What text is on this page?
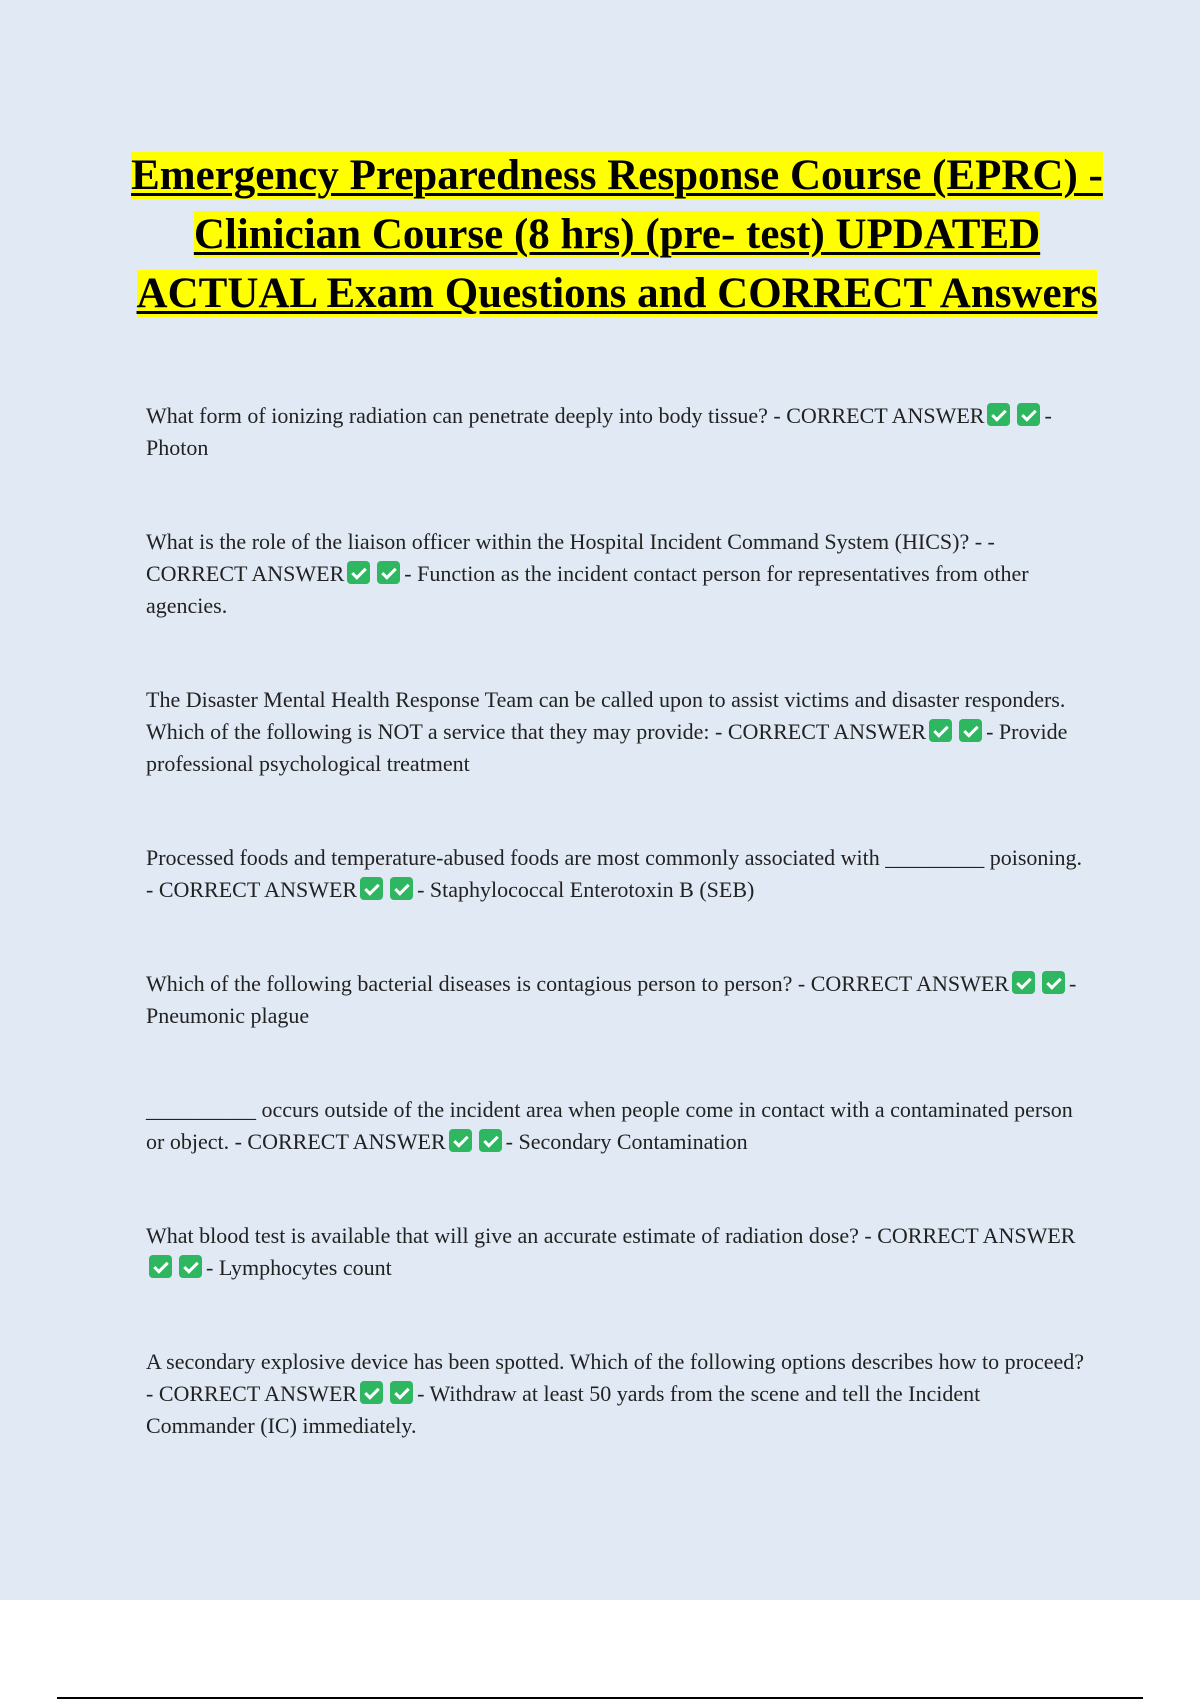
Emergency Preparedness Response Course (EPRC) - Clinician Course (8 hrs) (pre- test) UPDATED ACTUAL Exam Questions and CORRECT Answers

What form of ionizing radiation can penetrate deeply into body tissue? - CORRECT ANSWER	- Photon

What is the role of the liaison officer within the Hospital Incident Command System (HICS)? - - CORRECT ANSWER	- Function as the incident contact person for representatives from other agencies.

The Disaster Mental Health Response Team can be called upon to assist victims and disaster responders. Which of the following is NOT a service that they may provide: - CORRECT ANSWER	- Provide professional psychological treatment

Processed foods and temperature-abused foods are most commonly associated with _________ poisoning. - CORRECT ANSWER	- Staphylococcal Enterotoxin B (SEB)

Which of the following bacterial diseases is contagious person to person? - CORRECT ANSWER	- Pneumonic plague

__________ occurs outside of the incident area when people come in contact with a contaminated person or object. - CORRECT ANSWER	- Secondary Contamination

What blood test is available that will give an accurate estimate of radiation dose? - CORRECT ANSWER- Lymphocytes count

A secondary explosive device has been spotted. Which of the following options describes how to proceed? - CORRECT ANSWER	- Withdraw at least 50 yards from the scene and tell the Incident Commander (IC) immediately.
